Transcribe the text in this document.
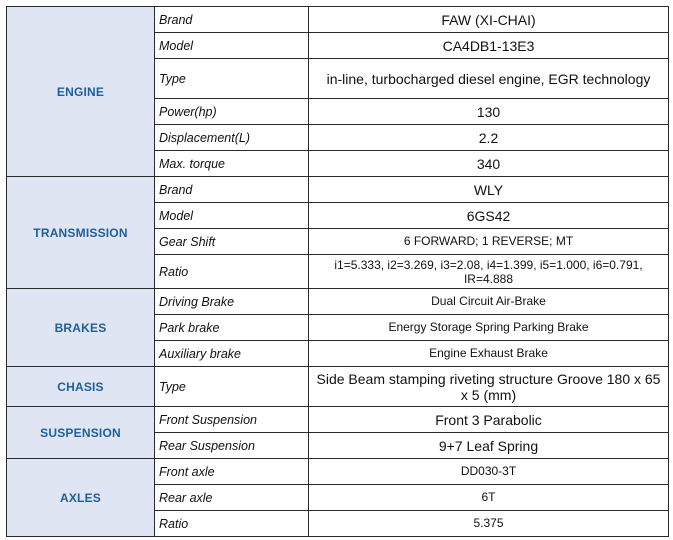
ENGINE	Brand	FAW (XI-CHAI)
	Model	CA4DB1-13E3
	Type	in-line, turbocharged diesel engine, EGR technology
	Power(hp)	130
	Displacement(L)	2.2
	Max. torque	340
TRANSMISSION	Brand	WLY
	Model	6GS42
	Gear Shift	6 FORWARD; 1 REVERSE; MT
	Ratio	i1=5.333, i2=3.269, i3=2.08, i4=1.399, i5=1.000, i6=0.791, IR=4.888
BRAKES	Driving Brake	Dual Circuit Air-Brake
	Park brake	Energy Storage Spring Parking Brake
	Auxiliary brake	Engine Exhaust Brake
CHASIS	Type	Side Beam stamping riveting structure Groove 180 x 65 x 5 (mm)
SUSPENSION	Front Suspension	Front 3 Parabolic
	Rear Suspension	9+7 Leaf Spring
AXLES	Front axle	DD030-3T
	Rear axle	6T
	Ratio	5.375
